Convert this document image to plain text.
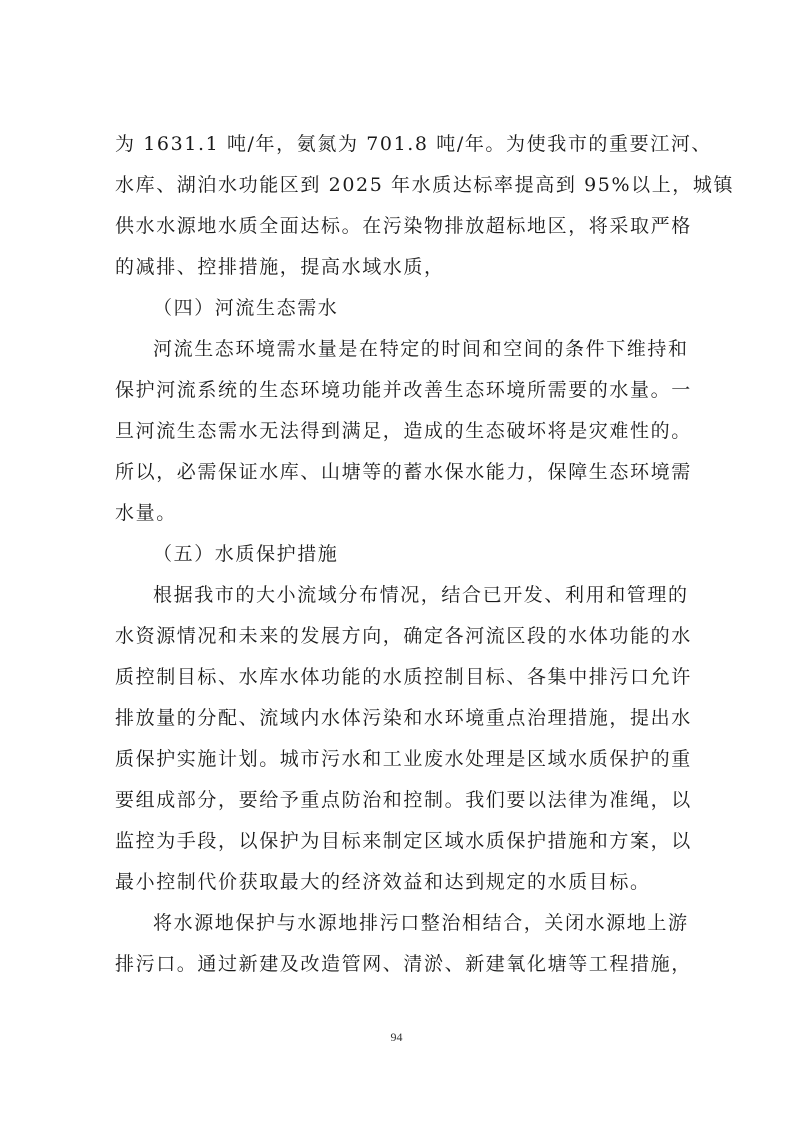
为 1631.1 吨/年，氨氮为 701.8 吨/年。为使我市的重要江河、
水库、湖泊水功能区到 2025 年水质达标率提高到 95%以上，城镇
供水水源地水质全面达标。在污染物排放超标地区，将采取严格
的减排、控排措施，提高水域水质，
（四）河流生态需水
河流生态环境需水量是在特定的时间和空间的条件下维持和
保护河流系统的生态环境功能并改善生态环境所需要的水量。一
旦河流生态需水无法得到满足，造成的生态破坏将是灾难性的。
所以，必需保证水库、山塘等的蓄水保水能力，保障生态环境需
水量。
（五）水质保护措施
根据我市的大小流域分布情况，结合已开发、利用和管理的
水资源情况和未来的发展方向，确定各河流区段的水体功能的水
质控制目标、水库水体功能的水质控制目标、各集中排污口允许
排放量的分配、流域内水体污染和水环境重点治理措施，提出水
质保护实施计划。城市污水和工业废水处理是区域水质保护的重
要组成部分，要给予重点防治和控制。我们要以法律为准绳，以
监控为手段，以保护为目标来制定区域水质保护措施和方案，以
最小控制代价获取最大的经济效益和达到规定的水质目标。
将水源地保护与水源地排污口整治相结合，关闭水源地上游
排污口。通过新建及改造管网、清淤、新建氧化塘等工程措施，
94
